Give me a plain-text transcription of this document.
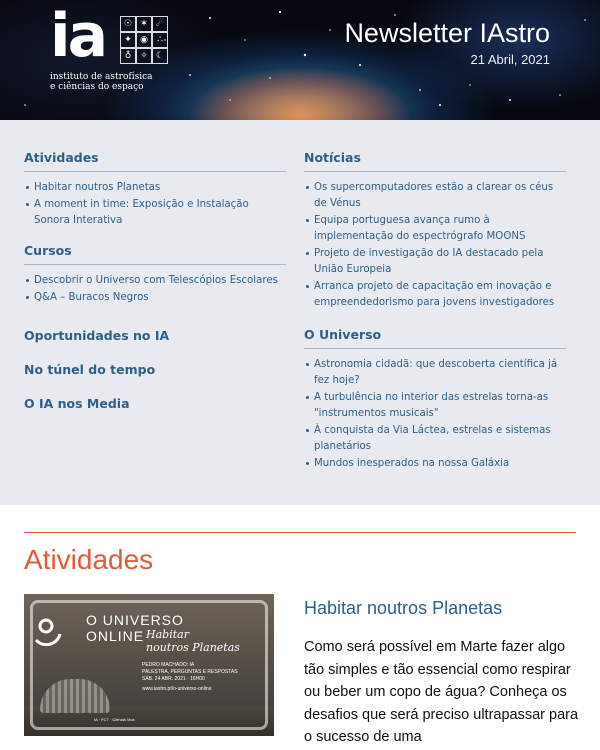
ia	☉ ✶ ☄
✦ ◉	∴
♁ ✧ ☾
instituto de astrofísica
e ciências do espaço
Newsletter IAstro
21 Abril, 2021
Atividades
Habitar noutros Planetas
A moment in time: Exposição e Instalação Sonora Interativa
Cursos
Descobrir o Universo com Telescópios Escolares
Q&A – Buracos Negros
Oportunidades no IA
No túnel do tempo
O IA nos Media
Notícias
Os supercomputadores estão a clarear os céus de Vénus
Equipa portuguesa avança rumo à implementação do espectrógrafo MOONS
Projeto de investigação do IA destacado pela União Europeia
Arranca projeto de capacitação em inovação e empreendedorismo para jovens investigadores
O Universo
Astronomia cidadã: que descoberta científica já fez hoje?
A turbulência no interior das estrelas torna-as "instrumentos musicais"
À conquista da Via Láctea, estrelas e sistemas planetários
Mundos inesperados na nossa Galáxia
Atividades
O UNIVERSO
ONLINE Habitar
noutros Planetas
PEDRO MACHADO: IA
PALESTRA, PERGUNTAS E RESPOSTAS
SÁB. 24 ABR. 2021 · 16H00
www.iastro.pt/o-universo-online
IA · FCT · Ciência Viva
Habitar noutros Planetas
Como será possível em Marte fazer algo tão simples e tão essencial como respirar ou beber um copo de água? Conheça os desafios que será preciso ultrapassar para o sucesso de uma
